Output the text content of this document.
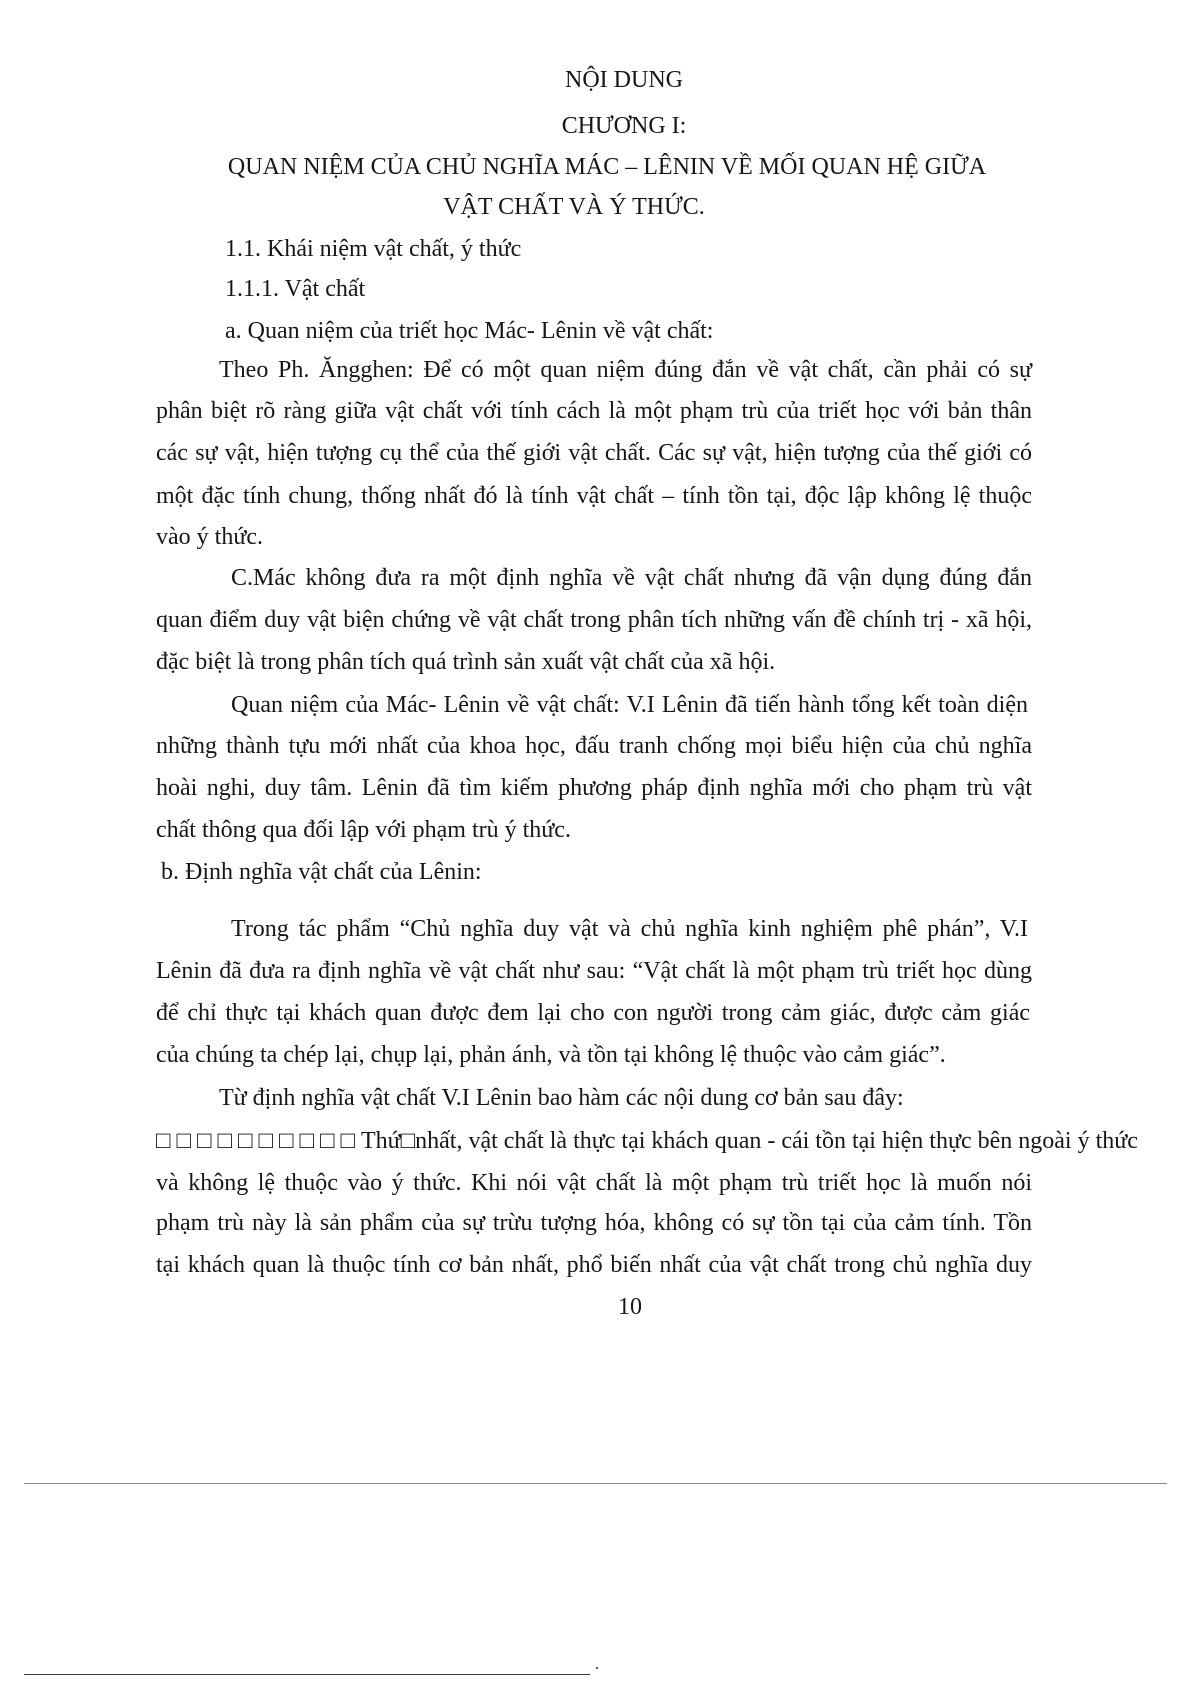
NỘI DUNG
CHƯƠNG I:
QUAN NIỆM CỦA CHỦ NGHĨA MÁC – LÊNIN VỀ MỐI QUAN HỆ GIỮA
VẬT CHẤT VÀ Ý THỨC.
1.1. Khái niệm vật chất, ý thức
1.1.1. Vật chất
a. Quan niệm của triết học Mác- Lênin về vật chất:
Theo Ph. Ăngghen: Để có một quan niệm đúng đắn về vật chất, cần phải có sự
phân biệt rõ ràng giữa vật chất với tính cách là một phạm trù của triết học với bản thân
các sự vật, hiện tượng cụ thể của thế giới vật chất. Các sự vật, hiện tượng của thế giới có
một đặc tính chung, thống nhất đó là tính vật chất – tính tồn tại, độc lập không lệ thuộc
vào ý thức.
C.Mác không đưa ra một định nghĩa về vật chất nhưng đã vận dụng đúng đắn
quan điểm duy vật biện chứng về vật chất trong phân tích những vấn đề chính trị - xã hội,
đặc biệt là trong phân tích quá trình sản xuất vật chất của xã hội.
Quan niệm của Mác- Lênin về vật chất: V.I Lênin đã tiến hành tổng kết toàn diện
những thành tựu mới nhất của khoa học, đấu tranh chống mọi biểu hiện của chủ nghĩa
hoài nghi, duy tâm. Lênin đã tìm kiếm phương pháp định nghĩa mới cho phạm trù vật
chất thông qua đối lập với phạm trù ý thức.
b. Định nghĩa vật chất của Lênin:
Trong tác phẩm “Chủ nghĩa duy vật và chủ nghĩa kinh nghiệm phê phán”, V.I
Lênin đã đưa ra định nghĩa về vật chất như sau: “Vật chất là một phạm trù triết học dùng
để chỉ thực tại khách quan được đem lại cho con người trong cảm giác, được cảm giác
của chúng ta chép lại, chụp lại, phản ánh, và tồn tại không lệ thuộc vào cảm giác”.
Từ định nghĩa vật chất V.I Lênin bao hàm các nội dung cơ bản sau đây:
□□□□□□□□□□Thứ□nhất, vật chất là thực tại khách quan - cái tồn tại hiện thực bên ngoài ý thức
và không lệ thuộc vào ý thức. Khi nói vật chất là một phạm trù triết học là muốn nói
phạm trù này là sản phẩm của sự trừu tượng hóa, không có sự tồn tại của cảm tính. Tồn
tại khách quan là thuộc tính cơ bản nhất, phổ biến nhất của vật chất trong chủ nghĩa duy
10
